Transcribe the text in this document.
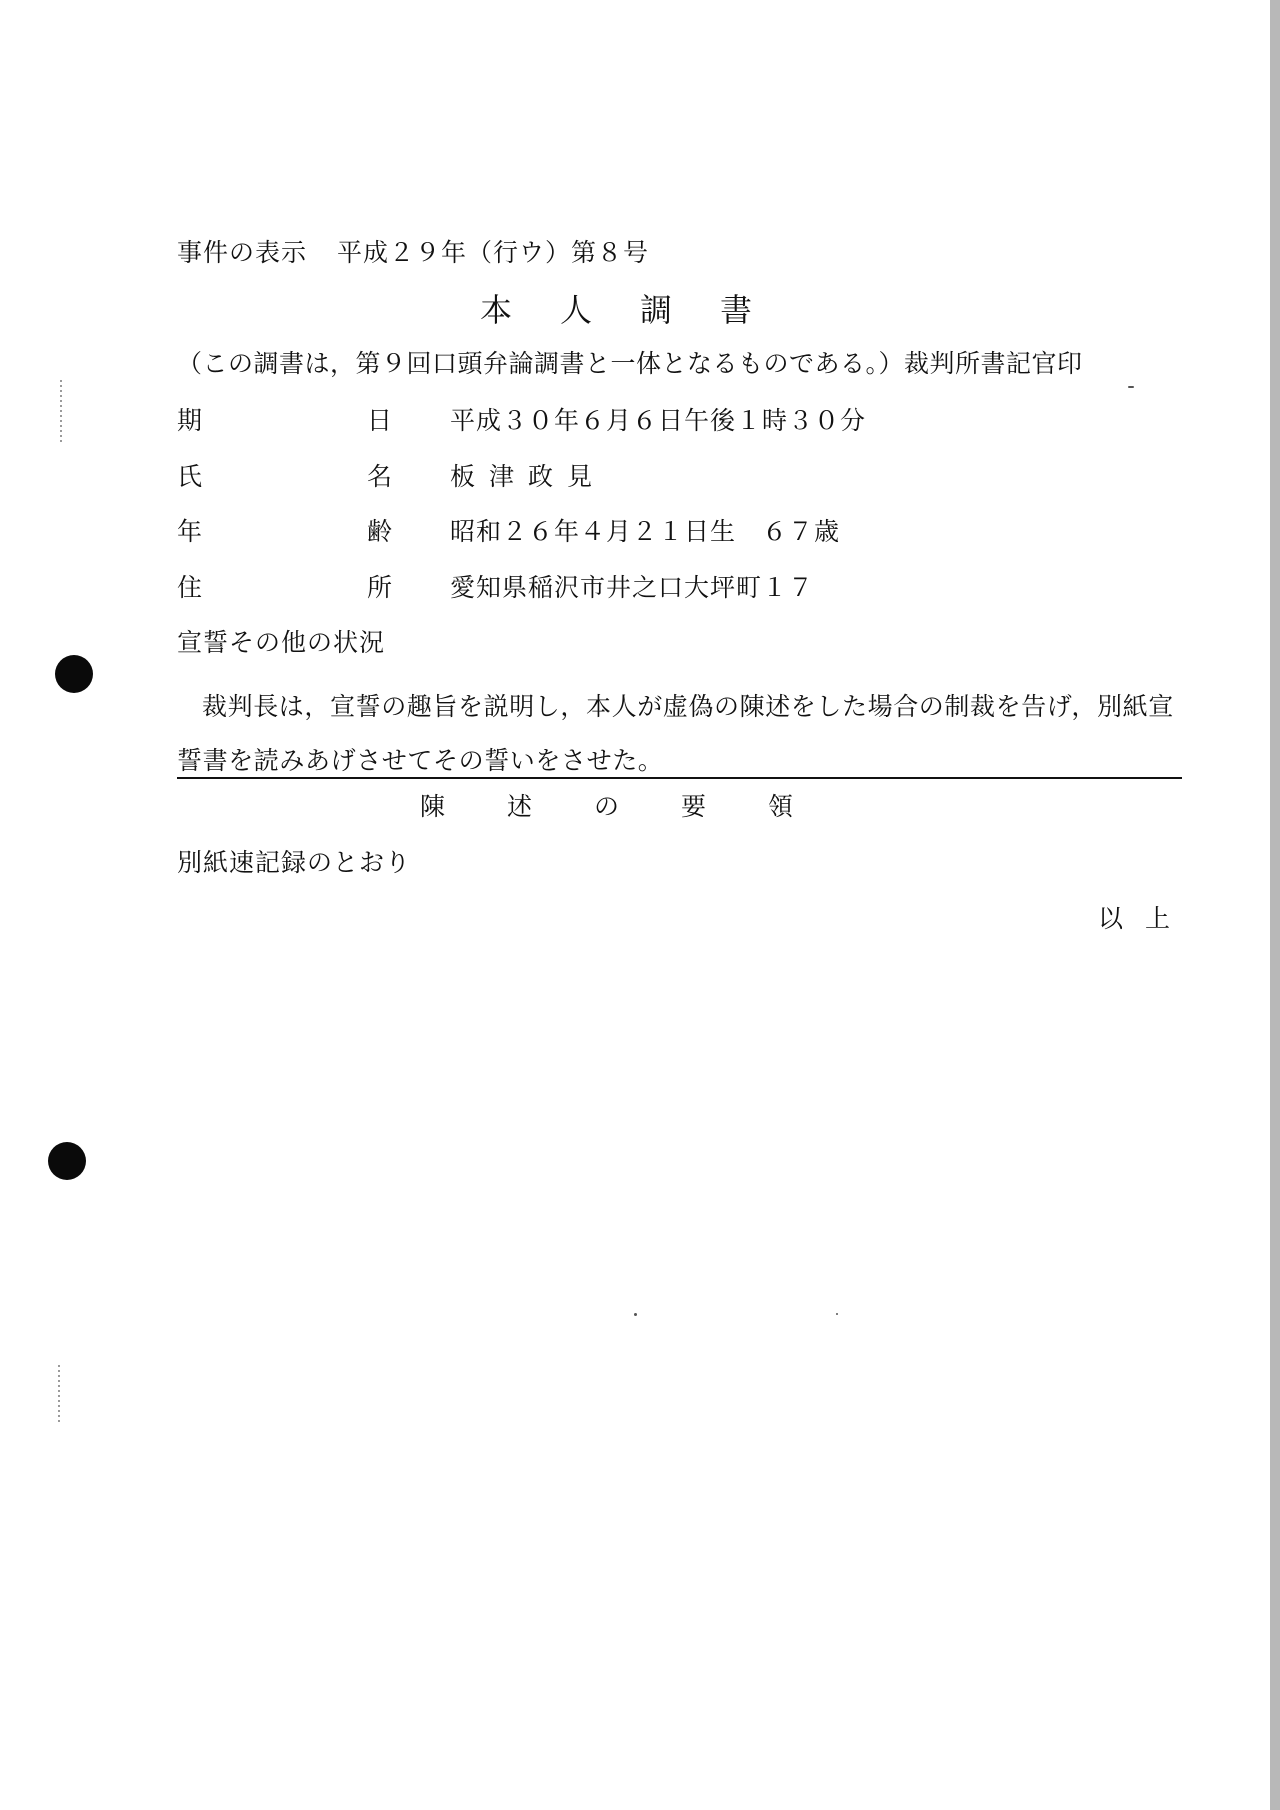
事件の表示 平成２９年（行ウ）第８号
本人調書
（この調書は，第９回口頭弁論調書と一体となるものである。）裁判所書記官印
期	日 平成３０年６月６日午後１時３０分
氏	名 板津政見
年	齢 昭和２６年４月２１日生　６７歳
住	所 愛知県稲沢市井之口大坪町１７
宣誓その他の状況
裁判長は，宣誓の趣旨を説明し，本人が虚偽の陳述をした場合の制裁を告げ，別紙宣誓書を読みあげさせてその誓いをさせた。
陳述の要領
別紙速記録のとおり
以上
